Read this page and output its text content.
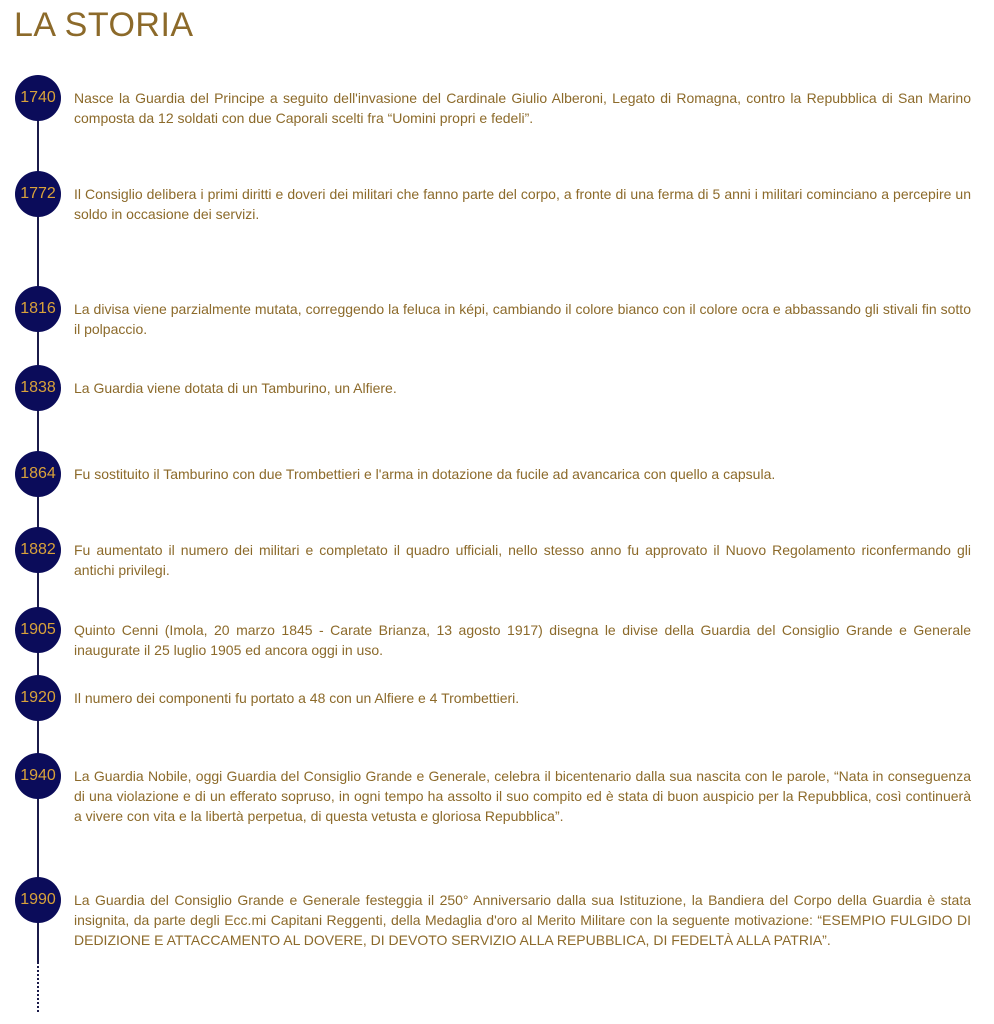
LA STORIA
1740	Nasce la Guardia del Principe a seguito dell'invasione del Cardinale Giulio Alberoni, Legato di Romagna, contro la Repubblica di San Marino composta da 12 soldati con due Caporali scelti fra “Uomini propri e fedeli”.
1772	Il Consiglio delibera i primi diritti e doveri dei militari che fanno parte del corpo, a fronte di una ferma di 5 anni i militari cominciano a percepire un soldo in occasione dei servizi.
1816	La divisa viene parzialmente mutata, correggendo la feluca in képi, cambiando il colore bianco con il colore ocra e abbassando gli stivali fin sotto il polpaccio.
1838	La Guardia viene dotata di un Tamburino, un Alfiere.
1864	Fu sostituito il Tamburino con due Trombettieri e l'arma in dotazione da fucile ad avancarica con quello a capsula.
1882	Fu aumentato il numero dei militari e completato il quadro ufficiali, nello stesso anno fu approvato il Nuovo Regolamento riconfermando gli antichi privilegi.
1905	Quinto Cenni (Imola, 20 marzo 1845 - Carate Brianza, 13 agosto 1917) disegna le divise della Guardia del Consiglio Grande e Generale inaugurate il 25 luglio 1905 ed ancora oggi in uso.
1920	Il numero dei componenti fu portato a 48 con un Alfiere e 4 Trombettieri.
1940	La Guardia Nobile, oggi Guardia del Consiglio Grande e Generale, celebra il bicentenario dalla sua nascita con le parole, “Nata in conseguenza di una violazione e di un efferato sopruso, in ogni tempo ha assolto il suo compito ed è stata di buon auspicio per la Repubblica, così continuerà a vivere con vita e la libertà perpetua, di questa vetusta e gloriosa Repubblica”.
1990	La Guardia del Consiglio Grande e Generale festeggia il 250° Anniversario dalla sua Istituzione, la Bandiera del Corpo della Guardia è stata insignita, da parte degli Ecc.mi Capitani Reggenti, della Medaglia d'oro al Merito Militare con la seguente motivazione: “ESEMPIO FULGIDO DI DEDIZIONE E ATTACCAMENTO AL DOVERE, DI DEVOTO SERVIZIO ALLA REPUBBLICA, DI FEDELTÀ ALLA PATRIA”.
